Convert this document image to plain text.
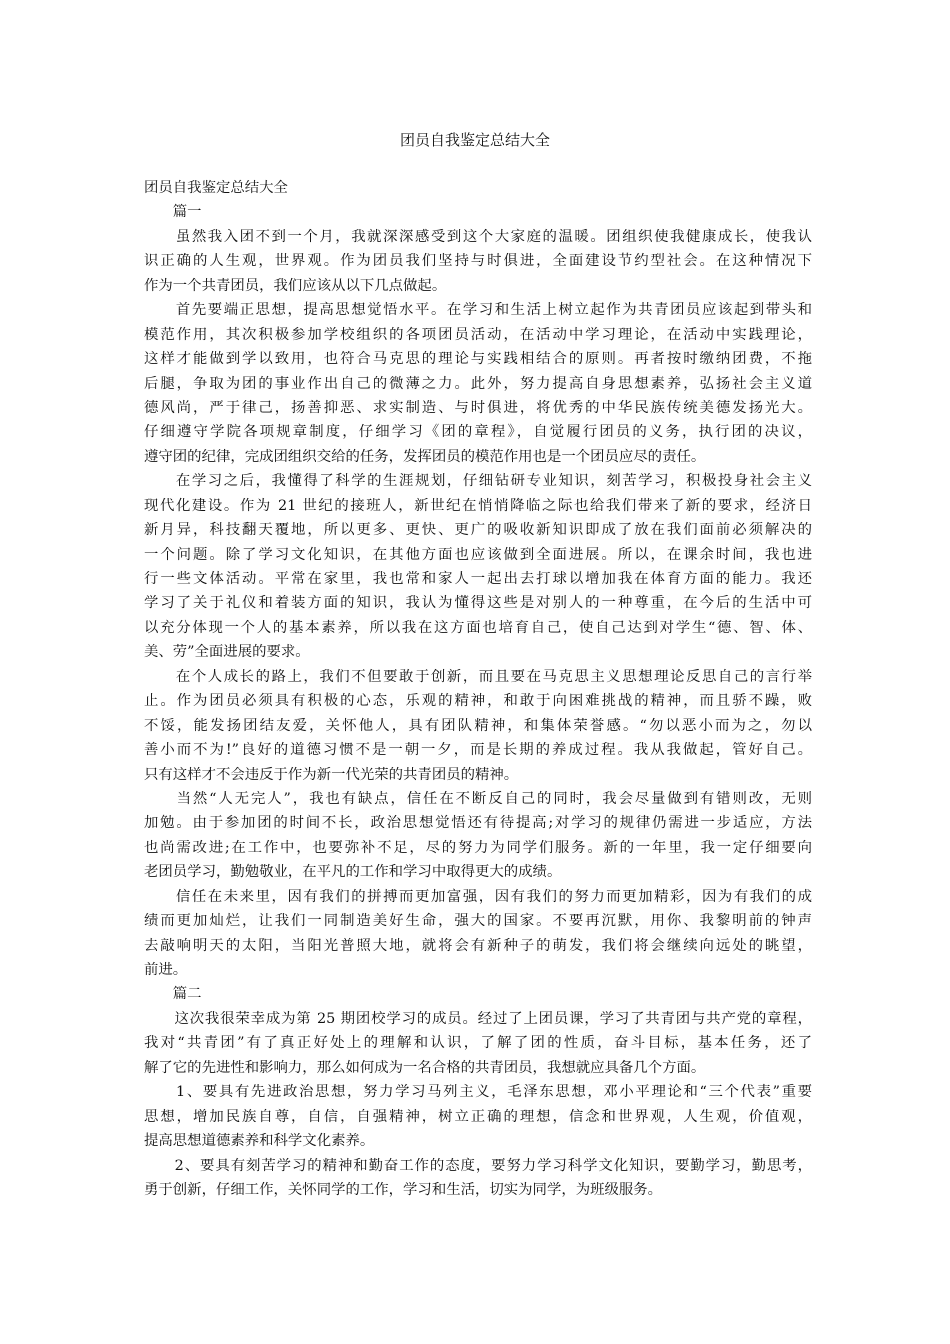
团员自我鉴定总结大全
团员自我鉴定总结大全
　　篇一
　　虽然我入团不到一个月，我就深深感受到这个大家庭的温暖。团组织使我健康成长，使我认
识正确的人生观，世界观。作为团员我们坚持与时俱进，全面建设节约型社会。在这种情况下
作为一个共青团员，我们应该从以下几点做起。
　　首先要端正思想，提高思想觉悟水平。在学习和生活上树立起作为共青团员应该起到带头和
模范作用，其次积极参加学校组织的各项团员活动，在活动中学习理论，在活动中实践理论，
这样才能做到学以致用，也符合马克思的理论与实践相结合的原则。再者按时缴纳团费，不拖
后腿，争取为团的事业作出自己的微薄之力。此外，努力提高自身思想素养，弘扬社会主义道
德风尚，严于律己，扬善抑恶、求实制造、与时俱进，将优秀的中华民族传统美德发扬光大。
仔细遵守学院各项规章制度，仔细学习《团的章程》，自觉履行团员的义务，执行团的决议，
遵守团的纪律，完成团组织交给的任务，发挥团员的模范作用也是一个团员应尽的责任。
　　在学习之后，我懂得了科学的生涯规划，仔细钻研专业知识，刻苦学习，积极投身社会主义
现代化建设。作为 21 世纪的接班人，新世纪在悄悄降临之际也给我们带来了新的要求，经济日
新月异，科技翻天覆地，所以更多、更快、更广的吸收新知识即成了放在我们面前必须解决的
一个问题。除了学习文化知识，在其他方面也应该做到全面进展。所以，在课余时间，我也进
行一些文体活动。平常在家里，我也常和家人一起出去打球以增加我在体育方面的能力。我还
学习了关于礼仪和着装方面的知识，我认为懂得这些是对别人的一种尊重，在今后的生活中可
以充分体现一个人的基本素养，所以我在这方面也培育自己，使自己达到对学生“德、智、体、
美、劳”全面进展的要求。
　　在个人成长的路上，我们不但要敢于创新，而且要在马克思主义思想理论反思自己的言行举
止。作为团员必须具有积极的心态，乐观的精神，和敢于向困难挑战的精神，而且骄不躁，败
不馁，能发扬团结友爱，关怀他人，具有团队精神，和集体荣誉感。“勿以恶小而为之，勿以
善小而不为!”良好的道德习惯不是一朝一夕，而是长期的养成过程。我从我做起，管好自己。
只有这样才不会违反于作为新一代光荣的共青团员的精神。
　　当然“人无完人”，我也有缺点，信任在不断反自己的同时，我会尽量做到有错则改，无则
加勉。由于参加团的时间不长，政治思想觉悟还有待提高;对学习的规律仍需进一步适应，方法
也尚需改进;在工作中，也要弥补不足，尽的努力为同学们服务。新的一年里，我一定仔细要向
老团员学习，勤勉敬业，在平凡的工作和学习中取得更大的成绩。
　　信任在未来里，因有我们的拼搏而更加富强，因有我们的努力而更加精彩，因为有我们的成
绩而更加灿烂，让我们一同制造美好生命，强大的国家。不要再沉默，用你、我黎明前的钟声
去敲响明天的太阳，当阳光普照大地，就将会有新种子的萌发，我们将会继续向远处的眺望，
前进。
　　篇二
　　这次我很荣幸成为第 25 期团校学习的成员。经过了上团员课，学习了共青团与共产党的章程，
我对“共青团”有了真正好处上的理解和认识，了解了团的性质，奋斗目标，基本任务，还了
解了它的先进性和影响力，那么如何成为一名合格的共青团员，我想就应具备几个方面。
　　1、要具有先进政治思想，努力学习马列主义，毛泽东思想，邓小平理论和“三个代表”重要
思想，增加民族自尊，自信，自强精神，树立正确的理想，信念和世界观，人生观，价值观，
提高思想道德素养和科学文化素养。
　　2、要具有刻苦学习的精神和勤奋工作的态度，要努力学习科学文化知识，要勤学习，勤思考，
勇于创新，仔细工作，关怀同学的工作，学习和生活，切实为同学，为班级服务。
